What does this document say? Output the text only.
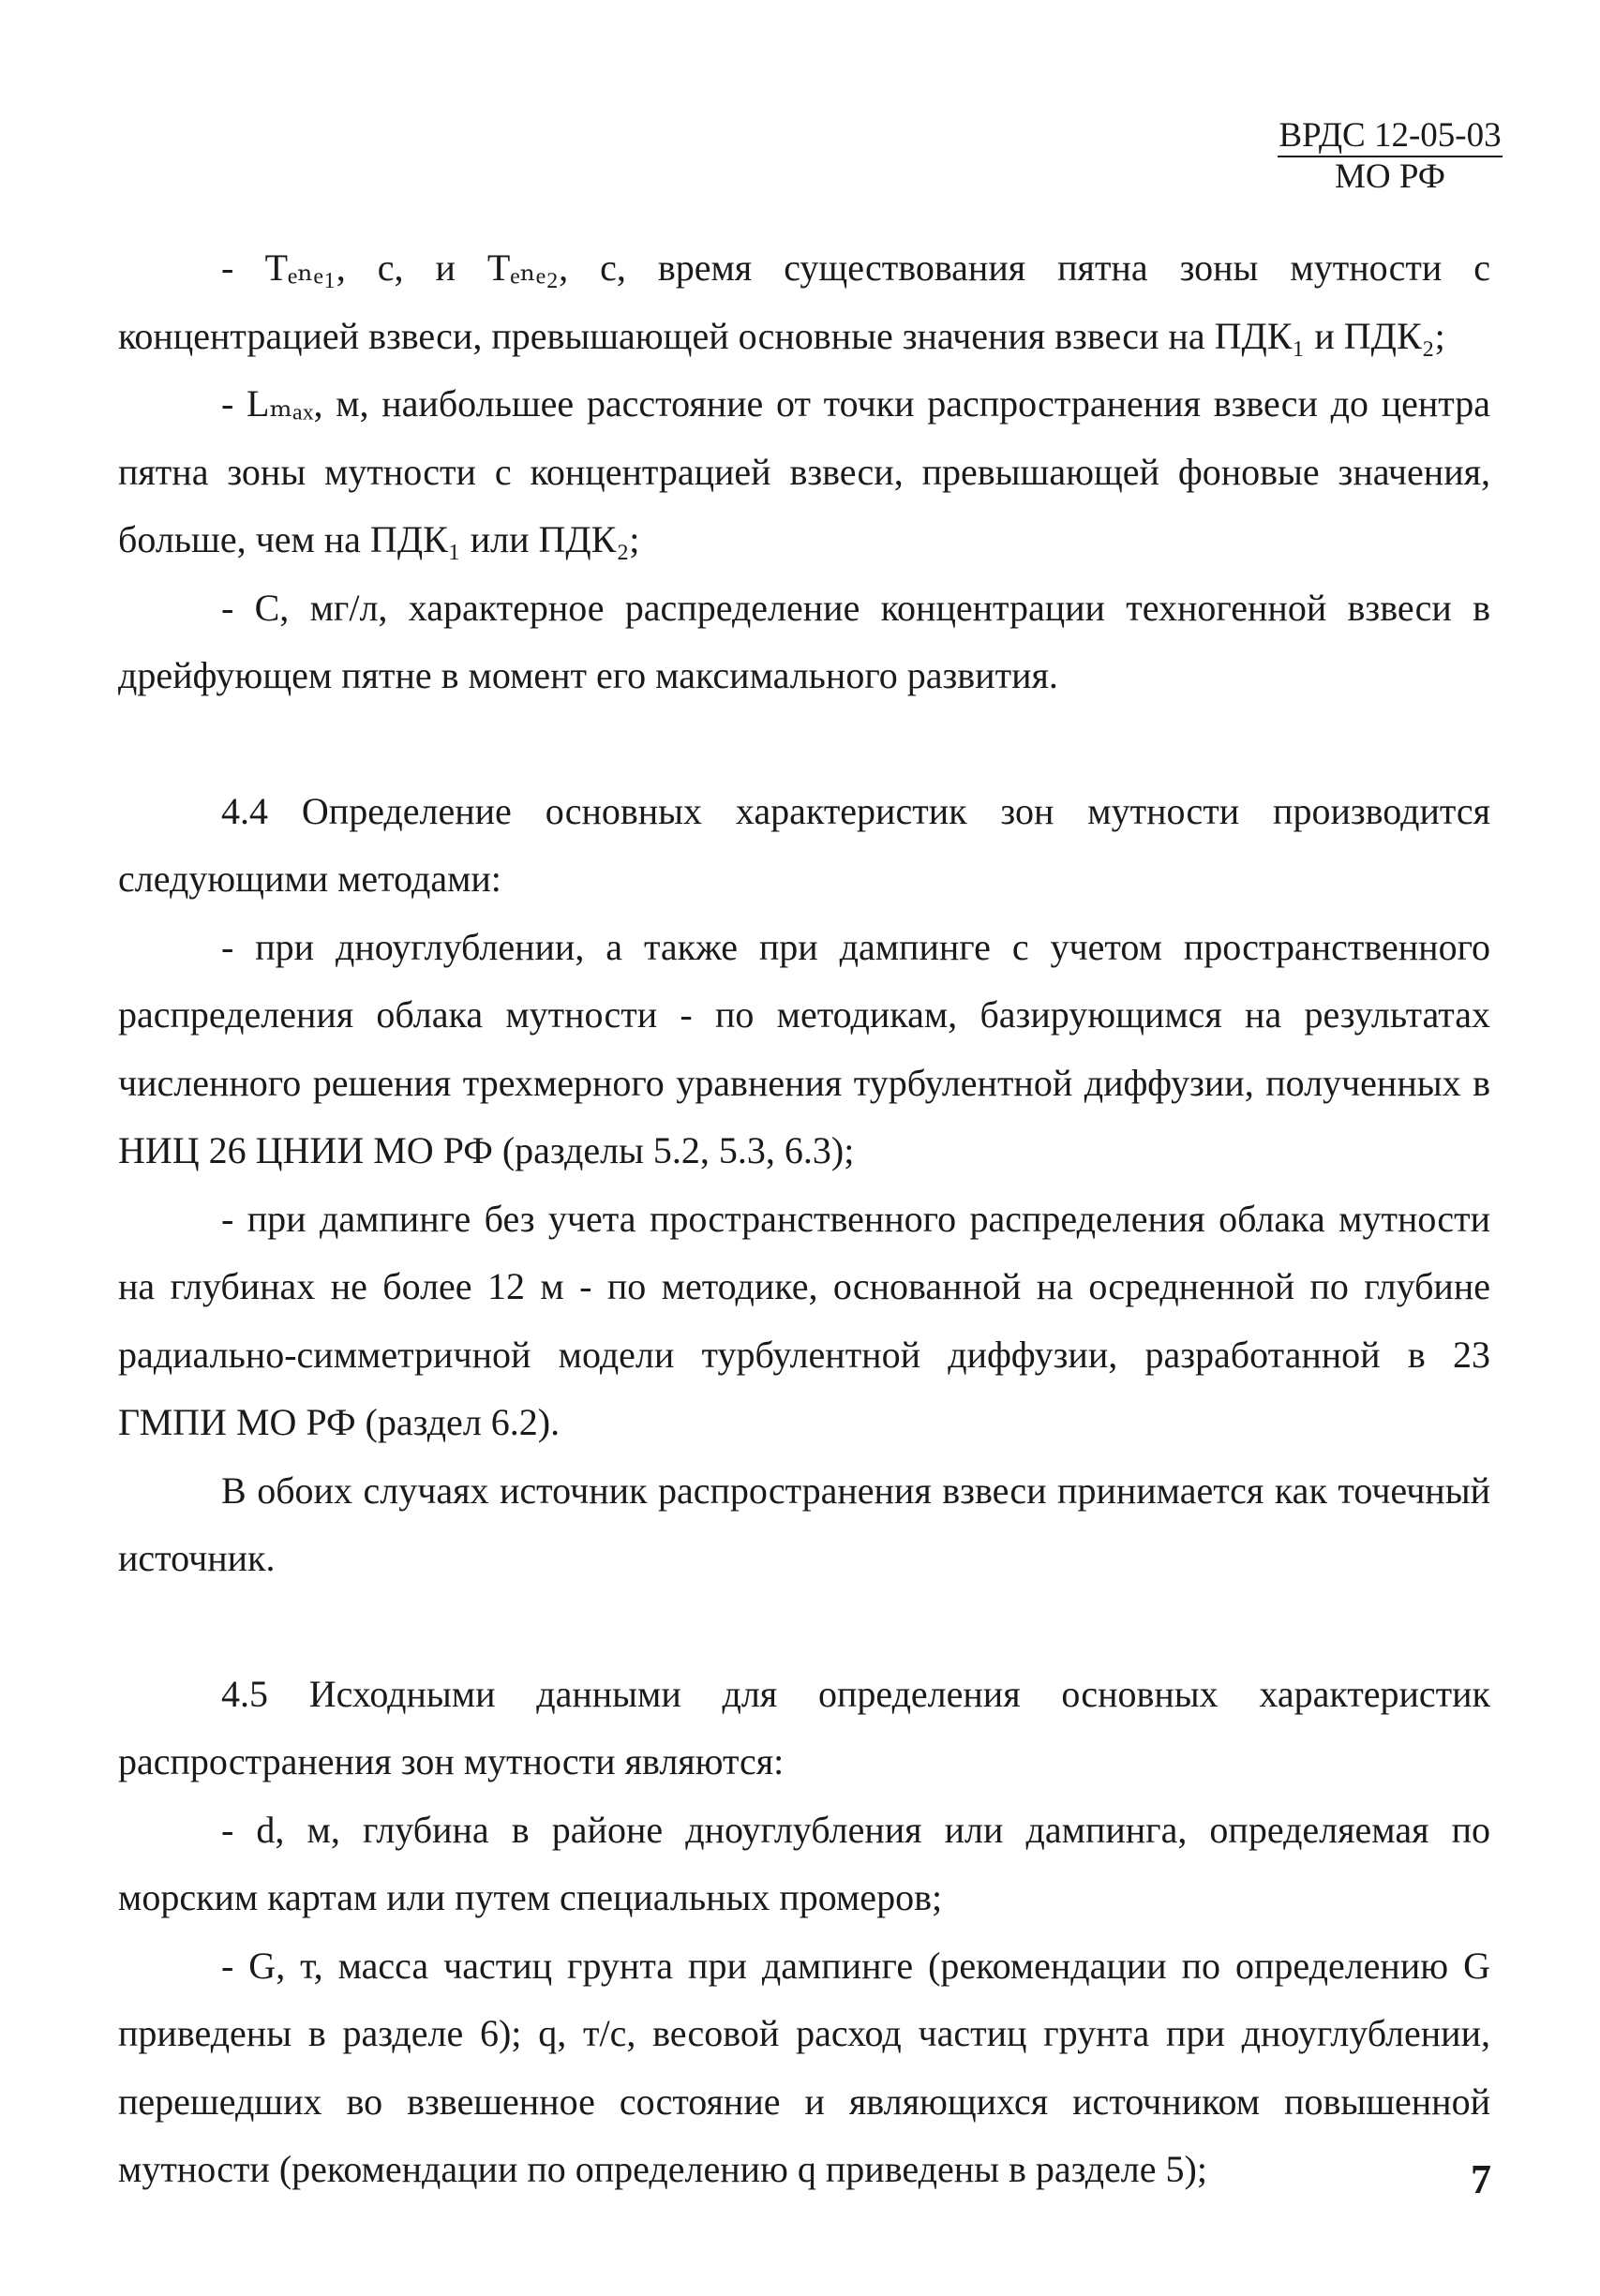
ВРДС 12-05-03
МО РФ

- Tₑₙₑ₁, с, и Tₑₙₑ₂, с, время существования пятна зоны мутности с концентрацией взвеси, превышающей основные значения взвеси на ПДК₁ и ПДК₂;

- Lₘₐₓ, м, наибольшее расстояние от точки распространения взвеси до центра пятна зоны мутности с концентрацией взвеси, превышающей фоновые значения, больше, чем на ПДК₁ или ПДК₂;

- С, мг/л, характерное распределение концентрации техногенной взвеси в дрейфующем пятне в момент его максимального развития.

4.4 Определение основных характеристик зон мутности производится следующими методами:

- при дноуглублении, а также при дампинге с учетом пространственного распределения облака мутности - по методикам, базирующимся на результатах численного решения трехмерного уравнения турбулентной диффузии, полученных в НИЦ 26 ЦНИИ МО РФ (разделы 5.2, 5.3, 6.3);

- при дампинге без учета пространственного распределения облака мутности на глубинах не более 12 м - по методике, основанной на осредненной по глубине радиально-симметричной модели турбулентной диффузии, разработанной в 23 ГМПИ МО РФ (раздел 6.2).

В обоих случаях источник распространения взвеси принимается как точечный источник.

4.5 Исходными данными для определения основных характеристик распространения зон мутности являются:

- d, м, глубина в районе дноуглубления или дампинга, определяемая по морским картам или путем специальных промеров;

- G, т, масса частиц грунта при дампинге (рекомендации по определению G приведены в разделе 6); q, т/с, весовой расход частиц грунта при дноуглублении, перешедших во взвешенное состояние и являющихся источником повышенной мутности (рекомендации по определению q приведены в разделе 5);	7
